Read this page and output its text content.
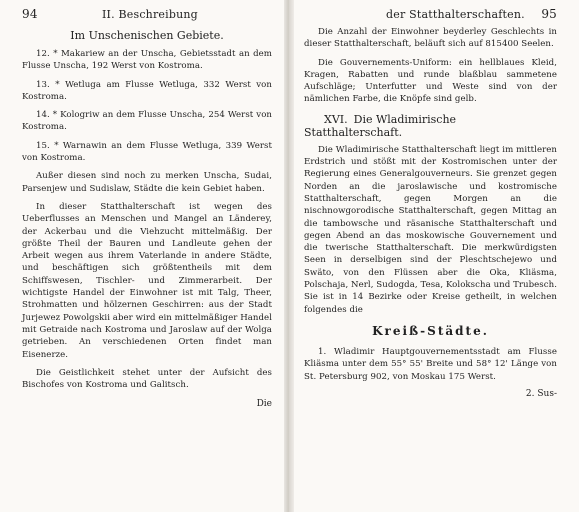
94	II. Beschreibung
Im Unschenischen Gebiete.

12. * Makariew an der Unscha, Gebietsstadt an dem Flusse Unscha, 192 Werst von Kostroma.

13. * Wetluga am Flusse Wetluga, 332 Werst von Kostroma.

14. * Kologriw an dem Flusse Unscha, 254 Werst von Kostroma.

15. * Warnawin an dem Flusse Wetluga, 339 Werst von Kostroma.

Außer diesen sind noch zu merken Unscha, Sudai, Parsenjew und Sudislaw, Städte die kein Gebiet haben.

In dieser Statthalterschaft ist wegen des Ueberflusses an Menschen und Mangel an Länderey, der Ackerbau und die Viehzucht mittelmäßig. Der größte Theil der Bauren und Landleute gehen der Arbeit wegen aus ihrem Vaterlande in andere Städte, und beschäftigen sich größtentheils mit dem Schiffswesen, Tischler- und Zimmerarbeit. Der wichtigste Handel der Einwohner ist mit Talg, Theer, Strohmatten und hölzernen Geschirren: aus der Stadt Jurjewez Powolgskii aber wird ein mittelmäßiger Handel mit Getraide nach Kostroma und Jaroslaw auf der Wolga getrieben. An verschiedenen Orten findet man Eisenerze.

Die Geistlichkeit stehet unter der Aufsicht des Bischofes von Kostroma und Galitsch.

Die
der Statthalterschaften. 95

Die Anzahl der Einwohner beyderley Geschlechts in dieser Statthalterschaft, beläuft sich auf 815400 Seelen.

Die Gouvernements-Uniform: ein hellblaues Kleid, Kragen, Rabatten und runde blaßblau sammetene Aufschläge; Unterfutter und Weste sind von der nämlichen Farbe, die Knöpfe sind gelb.

XVI. Die Wladimirische Statthalterschaft.

Die Wladimirische Statthalterschaft liegt im mittleren Erdstrich und stößt mit der Kostromischen unter der Regierung eines Generalgouverneurs. Sie grenzet gegen Norden an die jaroslawische und kostromische Statthalterschaft, gegen Morgen an die nischnowgorodische Statthalterschaft, gegen Mittag an die tambowsche und räsanische Statthalterschaft und gegen Abend an das moskowische Gouvernement und die twerische Statthalterschaft. Die merkwürdigsten Seen in derselbigen sind der Pleschtschejewo und Swäto, von den Flüssen aber die Oka, Kliäsma, Polschaja, Nerl, Sudogda, Tesa, Kolokscha und Trubesch. Sie ist in 14 Bezirke oder Kreise getheilt, in welchen folgendes die

Kreiß-Städte.

1. Wladimir Hauptgouvernementsstadt am Flusse Kliäsma unter dem 55° 55' Breite und 58° 12' Länge von St. Petersburg 902, von Moskau 175 Werst.

2. Sus-
